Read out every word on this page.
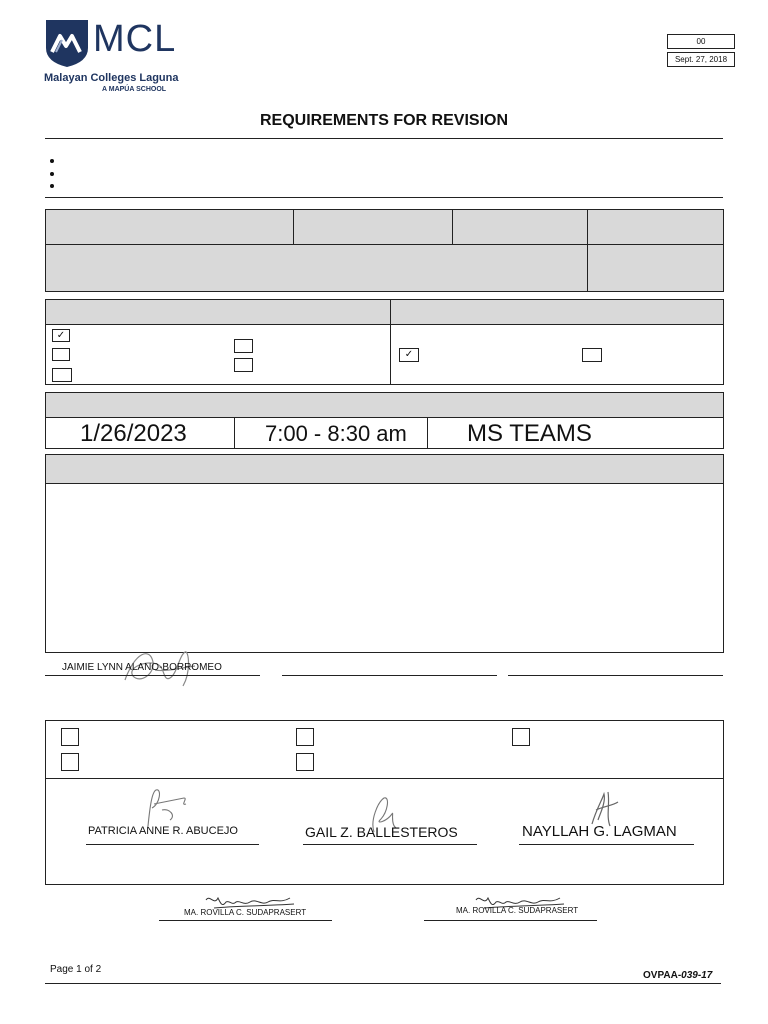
MCL
Malayan Colleges Laguna
A MAPÚA SCHOOL
00
Sept. 27, 2018
REQUIREMENTS FOR REVISION
✓
✓
1/26/2023	7:00 - 8:30 am	MS TEAMS
JAIMIE LYNN ALANO-BORROMEO
PATRICIA ANNE R. ABUCEJO	GAIL Z. BALLESTEROS	NAYLLAH G. LAGMAN
MA. ROVILLA C. SUDAPRASERT	MA. ROVILLA C. SUDAPRASERT
Page 1 of 2
OVPAA-039-17
